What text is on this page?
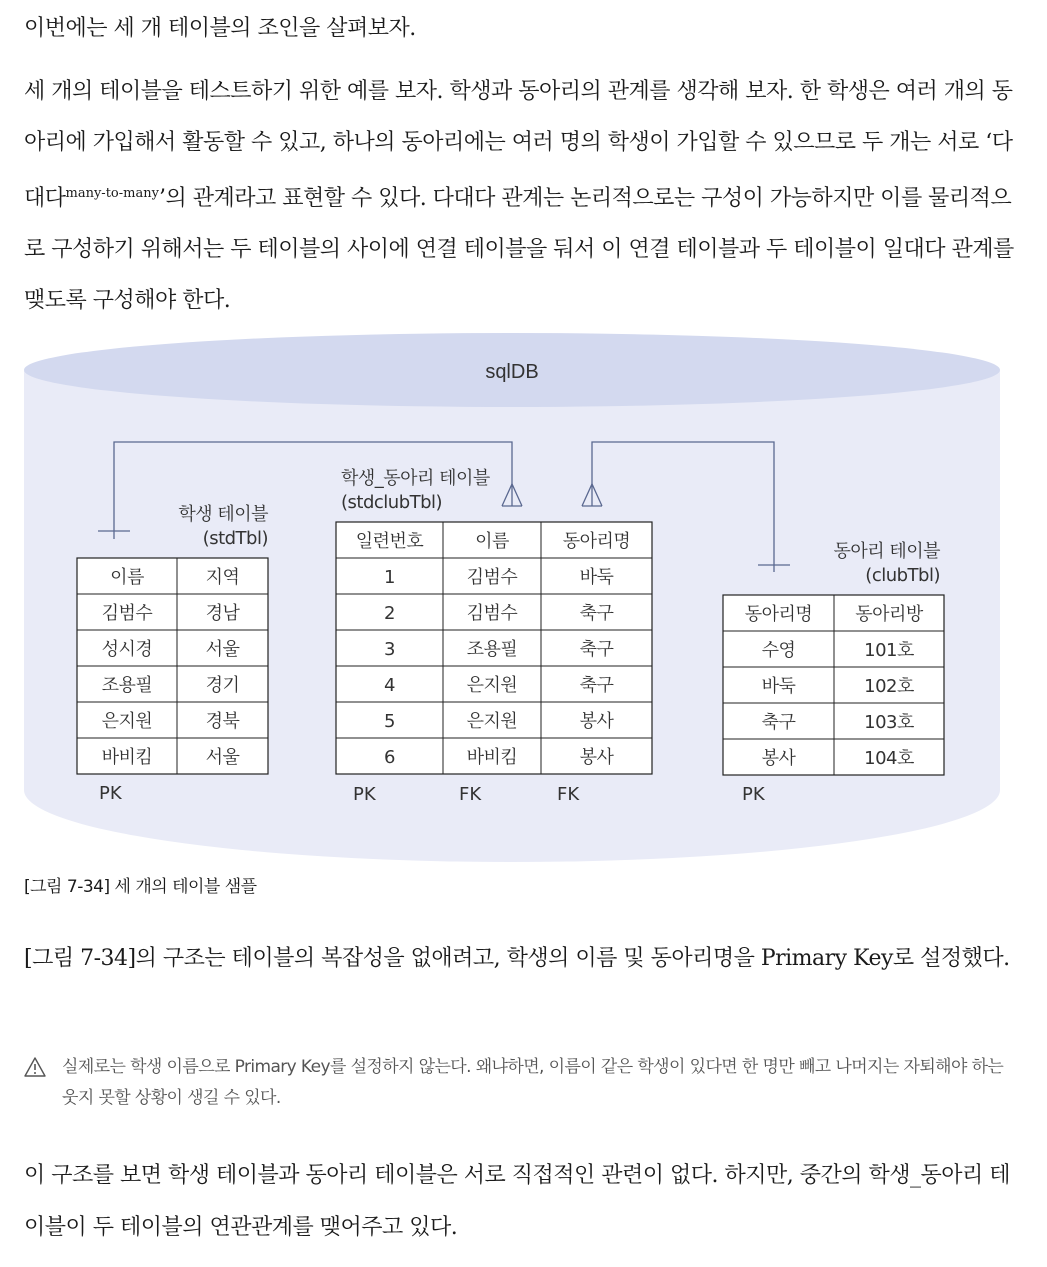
이번에는 세 개 테이블의 조인을 살펴보자.
세 개의 테이블을 테스트하기 위한 예를 보자. 학생과 동아리의 관계를 생각해 보자. 한 학생은 여러 개의 동아리에 가입해서 활동할 수 있고, 하나의 동아리에는 여러 명의 학생이 가입할 수 있으므로 두 개는 서로 ‘다대다$^{many-to-many}$’의 관계라고 표현할 수 있다. 다대다 관계는 논리적으로는 구성이 가능하지만 이를 물리적으로 구성하기 위해서는 두 테이블의 사이에 연결 테이블을 둬서 이 연결 테이블과 두 테이블이 일대다 관계를 맺도록 구성해야 한다.
sqlDB
학생 테이블
(stdTbl)
학생_동아리 테이블
(stdclubTbl)
동아리 테이블
(clubTbl)
이름	지역
김범수	경남
성시경	서울
조용필	경기
은지원	경북
바비킴	서울
PK
일련번호	이름	동아리명
1	김범수	바둑
2	김범수	축구
3	조용필	축구
4	은지원	축구
5	은지원	봉사
6	바비킴	봉사
PK	FK	FK
동아리명 동아리방
수영	101호
바둑	102호
축구	103호
봉사	104호
PK
[그림 7-34] 세 개의 테이블 샘플
[그림 7-34]의 구조는 테이블의 복잡성을 없애려고, 학생의 이름 및 동아리명을 Primary Key로 설정했다.
실제로는 학생 이름으로 Primary Key를 설정하지 않는다. 왜냐하면, 이름이 같은 학생이 있다면 한 명만 빼고 나머지는 자퇴해야 하는 웃지 못할 상황이 생길 수 있다.
이 구조를 보면 학생 테이블과 동아리 테이블은 서로 직접적인 관련이 없다. 하지만, 중간의 학생_동아리 테이블이 두 테이블의 연관관계를 맺어주고 있다.
